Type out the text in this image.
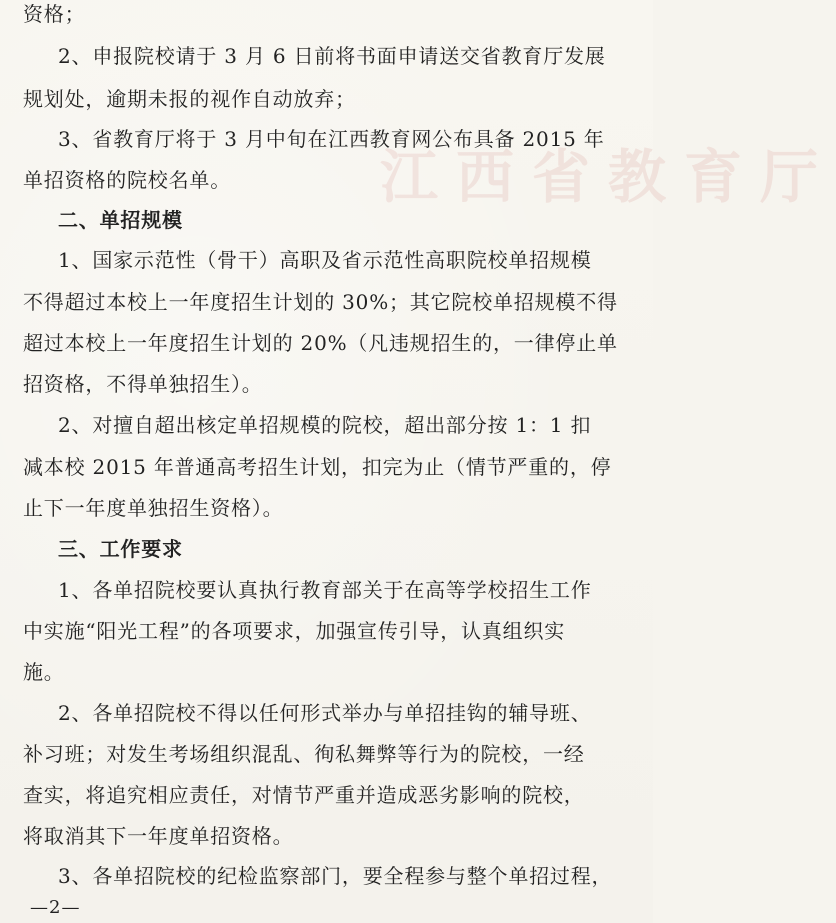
江西省教育厅
资格；
2、申报院校请于 3 月 6 日前将书面申请送交省教育厅发展
规划处，逾期未报的视作自动放弃；
3、省教育厅将于 3 月中旬在江西教育网公布具备 2015 年
单招资格的院校名单。
二、单招规模
1、国家示范性（骨干）高职及省示范性高职院校单招规模
不得超过本校上一年度招生计划的 30%；其它院校单招规模不得
超过本校上一年度招生计划的 20%（凡违规招生的，一律停止单
招资格，不得单独招生）。
2、对擅自超出核定单招规模的院校，超出部分按 1：1 扣
减本校 2015 年普通高考招生计划，扣完为止（情节严重的，停
止下一年度单独招生资格）。
三、工作要求
1、各单招院校要认真执行教育部关于在高等学校招生工作
中实施“阳光工程”的各项要求，加强宣传引导，认真组织实
施。
2、各单招院校不得以任何形式举办与单招挂钩的辅导班、
补习班；对发生考场组织混乱、徇私舞弊等行为的院校，一经
查实，将追究相应责任，对情节严重并造成恶劣影响的院校，
将取消其下一年度单招资格。
3、各单招院校的纪检监察部门，要全程参与整个单招过程，
—2—
